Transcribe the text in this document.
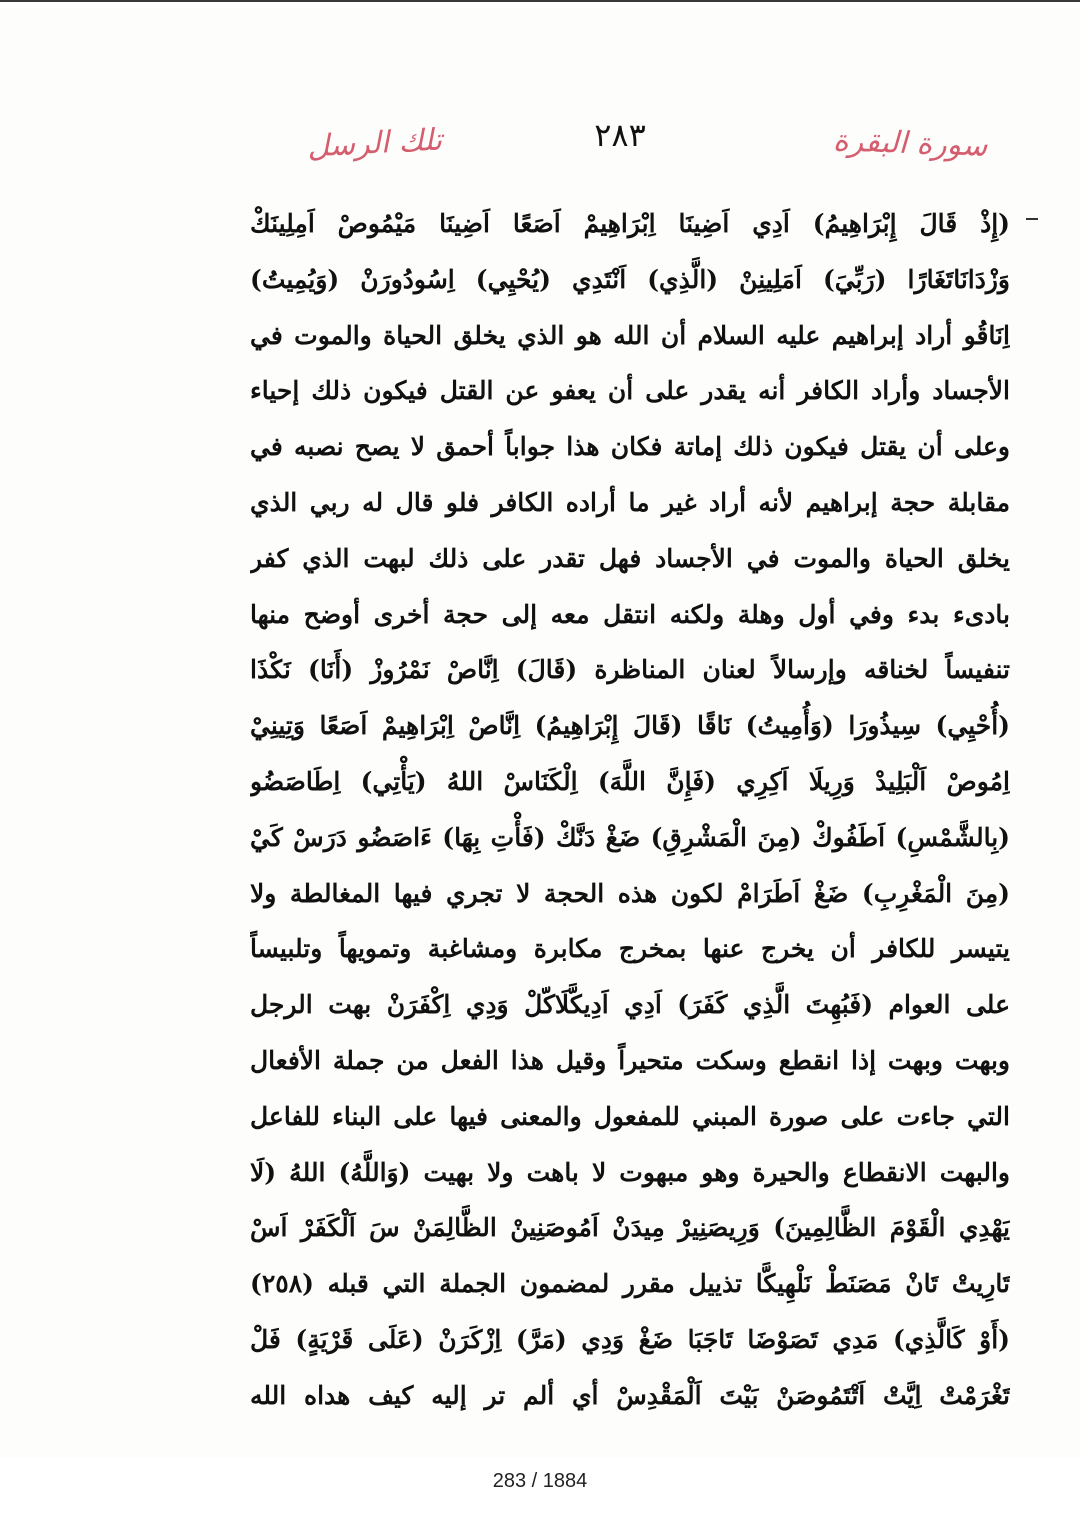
تلك الرسل	٢٨٣	سورة البقرة
(إِذْ قَالَ إِبْرَاهِيمُ) اَدِي اَضِينَا اِبْرَاهِيمْ اَصَعًا اَضِينَا مَيْمُوصْ اَمِلِينَكْ
وَزْدَانَاتَغَارًا (رَبِّيَ) اَمَلِينِنْ (الَّذِي) اَنْتَدِي (يُحْيِي) اِسُودُورَنْ (وَيُمِيتُ)
اِنَاقُو أراد إبراهيم عليه السلام أن الله هو الذي يخلق الحياة والموت في
الأجساد وأراد الكافر أنه يقدر على أن يعفو عن القتل فيكون ذلك إحياء
وعلى أن يقتل فيكون ذلك إماتة فكان هذا جواباً أحمق لا يصح نصبه في
مقابلة حجة إبراهيم لأنه أراد غير ما أراده الكافر فلو قال له ربي الذي
يخلق الحياة والموت في الأجساد فهل تقدر على ذلك لبهت الذي كفر
بادىء بدء وفي أول وهلة ولكنه انتقل معه إلى حجة أخرى أوضح منها
تنفيساً لخناقه وإرسالاً لعنان المناظرة (قَالَ) اِنَّاصْ نَمْرُوزْ (أَنَا) نَكْذَا
(أُحْيِي) سِيذُورَا (وَأُمِيتُ) نَاقًا (قَالَ إِبْرَاهِيمُ) اِنَّاصْ اِبْرَاهِيمْ اَصَعًا وَتِينِيْ
اِمُوصْ اَلْبَلِيدْ وَرِيلَا اَكِرِي (فَإِنَّ اللَّهَ) اِلْكَنَاسْ اللهُ (يَأْتِي) اِطَاصَضُو
(بِالشَّمْسِ) اَطَفُوكْ (مِنَ الْمَشْرِقِ) ضَغْ دَنَّكْ (فَأْتِ بِهَا) ءَاصَضُو دَرَسْ كَيْ
(مِنَ الْمَغْرِبِ) ضَغْ اَطَرَامْ لكون هذه الحجة لا تجري فيها المغالطة ولا
يتيسر للكافر أن يخرج عنها بمخرج مكابرة ومشاغبة وتمويهاً وتلبيساً
على العوام (فَبُهِتَ الَّذِي كَفَرَ) اَدِي اَدِيكَّلَاكّلْ وَدِي اِكْفَرَنْ بهت الرجل
وبهت وبهت إذا انقطع وسكت متحيراً وقيل هذا الفعل من جملة الأفعال
التي جاءت على صورة المبني للمفعول والمعنى فيها على البناء للفاعل
والبهت الانقطاع والحيرة وهو مبهوت لا باهت ولا بهيت (وَاللَّهُ) اللهُ (لَا
يَهْدِي الْقَوْمَ الظَّالِمِينَ) وَرِيصَنِيرْ مِيدَنْ اَمُوصَنِينْ الظَّالِمَنْ سَ اَلْكَفَرْ اَسْ
تَارِيتْ تَانْ مَصَنَطْ نَلْهِيكَّا تذييل مقرر لمضمون الجملة التي قبله (٢٥٨)
(أَوْ كَالَّذِي) مَدِي تَصَوْضَا تَاجَبَا ضَغْ وَدِي (مَرَّ) اِزْكَرَنْ (عَلَى قَرْيَةٍ) فَلْ
تَغْرَمْتْ اِيَّتْ اَتْتَمُوصَنْ بَيْتَ اَلْمَقْدِسْ أي ألم تر إليه كيف هداه الله
283 / 1884
